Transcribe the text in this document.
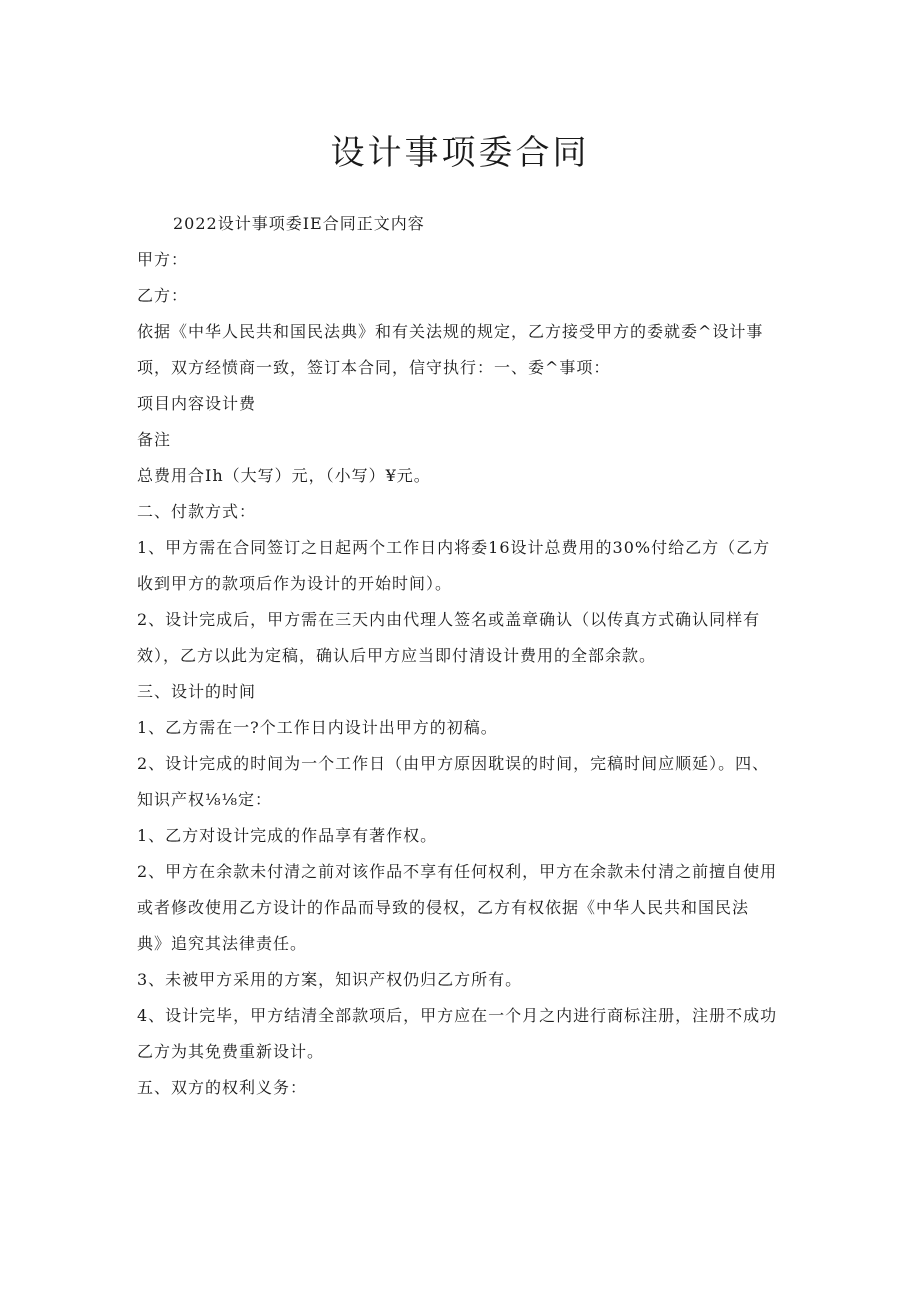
设计事项委合同

2022设计事项委IE合同正文内容

甲方：

乙方：

依据《中华人民共和国民法典》和有关法规的规定，乙方接受甲方的委就委^设计事

项，双方经愤商一致，签订本合同，信守执行：一、委^事项：

项目内容设计费

备注

总费用合Ih（大写）元，（小写）¥元。

二、付款方式：

1、甲方需在合同签订之日起两个工作日内将委16设计总费用的30%付给乙方（乙方

收到甲方的款项后作为设计的开始时间）。

2、设计完成后，甲方需在三天内由代理人签名或盖章确认（以传真方式确认同样有

效），乙方以此为定稿，确认后甲方应当即付清设计费用的全部余款。

三、设计的时间

1、乙方需在一?个工作日内设计出甲方的初稿。

2、设计完成的时间为一个工作日（由甲方原因耽误的时间，完稿时间应顺延）。四、

知识产权⅛⅛定：

1、乙方对设计完成的作品享有著作权。

2、甲方在余款未付清之前对该作品不享有任何权利，甲方在余款未付清之前擅自使用

或者修改使用乙方设计的作品而导致的侵权，乙方有权依据《中华人民共和国民法

典》追究其法律责任。

3、未被甲方采用的方案，知识产权仍归乙方所有。

4、设计完毕，甲方结清全部款项后，甲方应在一个月之内进行商标注册，注册不成功

乙方为其免费重新设计。

五、双方的权利义务：
